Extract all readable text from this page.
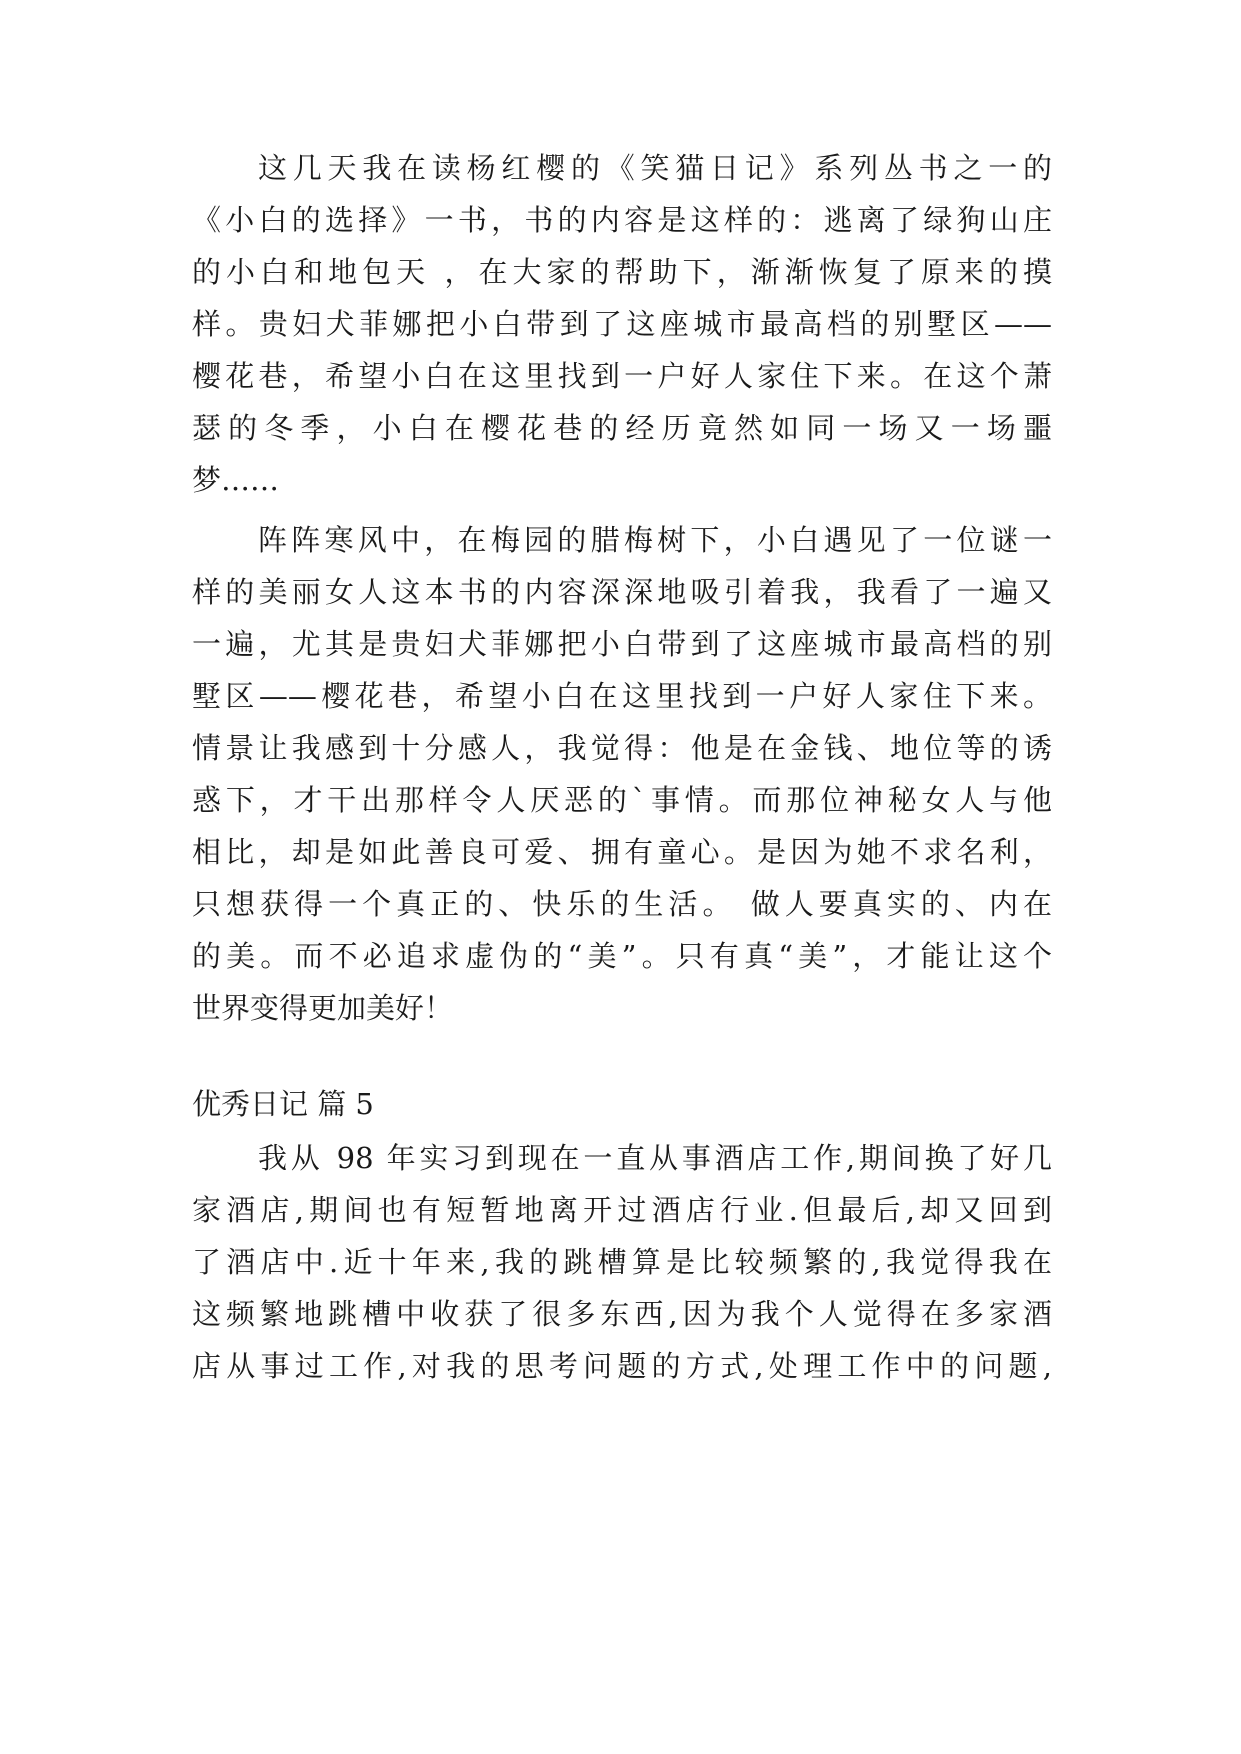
这几天我在读杨红樱的《笑猫日记》系列丛书之一的
《小白的选择》一书，书的内容是这样的：逃离了绿狗山庄
的小白和地包天 ，在大家的帮助下，渐渐恢复了原来的摸
样。贵妇犬菲娜把小白带到了这座城市最高档的别墅区——
樱花巷，希望小白在这里找到一户好人家住下来。在这个萧
瑟的冬季，小白在樱花巷的经历竟然如同一场又一场噩
梦……
阵阵寒风中，在梅园的腊梅树下，小白遇见了一位谜一
样的美丽女人这本书的内容深深地吸引着我，我看了一遍又
一遍，尤其是贵妇犬菲娜把小白带到了这座城市最高档的别
墅区——樱花巷，希望小白在这里找到一户好人家住下来。
情景让我感到十分感人，我觉得：他是在金钱、地位等的诱
惑下，才干出那样令人厌恶的`事情。而那位神秘女人与他
相比，却是如此善良可爱、拥有童心。是因为她不求名利，
只想获得一个真正的、快乐的生活。 做人要真实的、内在
的美。而不必追求虚伪的“美”。只有真“美”，才能让这个
世界变得更加美好！
优秀日记 篇 5
我从 98 年实习到现在一直从事酒店工作,期间换了好几
家酒店,期间也有短暂地离开过酒店行业.但最后,却又回到
了酒店中.近十年来,我的跳槽算是比较频繁的,我觉得我在
这频繁地跳槽中收获了很多东西,因为我个人觉得在多家酒
店从事过工作,对我的思考问题的方式,处理工作中的问题,
